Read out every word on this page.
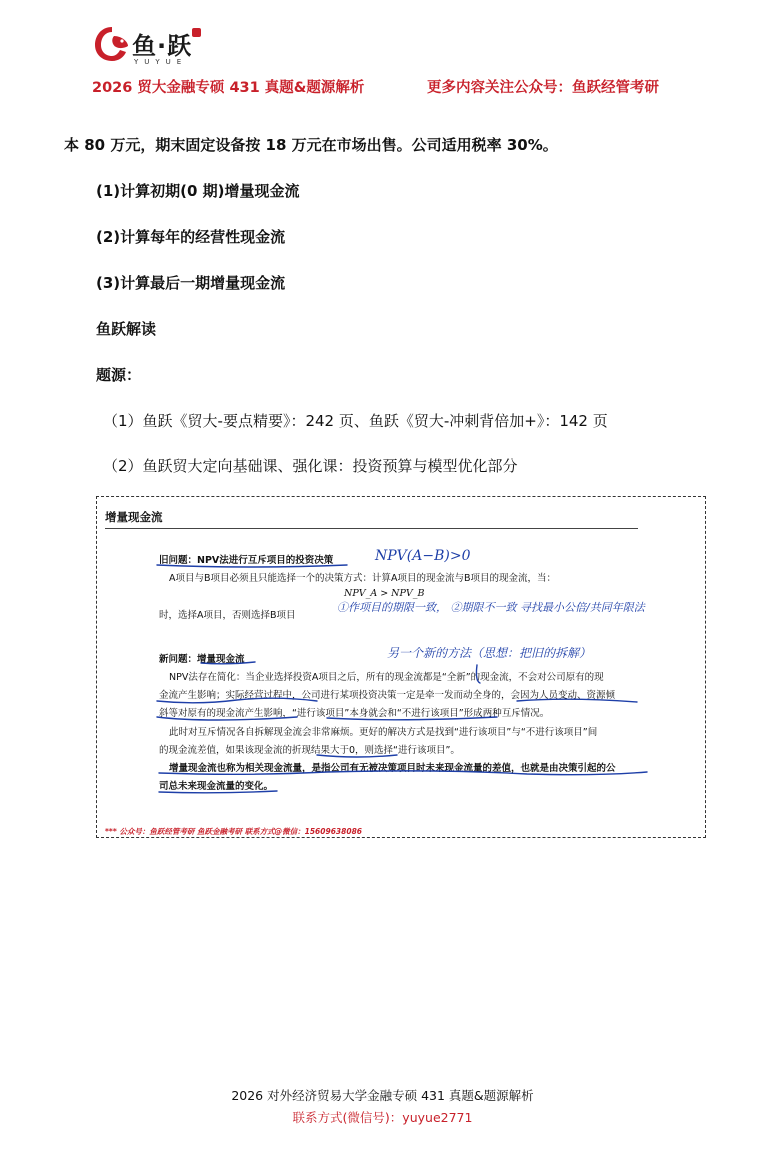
鱼·跃
YUYUE
2026 贸大金融专硕 431 真题&题源解析	更多内容关注公众号：鱼跃经管考研
本 80 万元，期末固定设备按 18 万元在市场出售。公司适用税率 30%。
(1)计算初期(0 期)增量现金流
(2)计算每年的经营性现金流
(3)计算最后一期增量现金流
鱼跃解读
题源：
（1）鱼跃《贸大-要点精要》：242 页、鱼跃《贸大-冲刺背倍加+》：142 页
（2）鱼跃贸大定向基础课、强化课：投资预算与模型优化部分
增量现金流
旧问题：NPV法进行互斥项目的投资决策
A项目与B项目必须且只能选择一个的决策方式：计算A项目的现金流与B项目的现金流，当：
NPV_A > NPV_B
时，选择A项目，否则选择B项目
新问题：增量现金流
NPV法存在简化：当企业选择投资A项目之后，所有的现金流都是“全新”的现金流，不会对公司原有的现
金流产生影响；实际经营过程中，公司进行某项投资决策一定是牵一发而动全身的，会因为人员变动、资源倾
斜等对原有的现金流产生影响，“进行该项目”本身就会和“不进行该项目”形成两种互斥情况。
此时对互斥情况各自拆解现金流会非常麻烦。更好的解决方式是找到“进行该项目”与“不进行该项目”间
的现金流差值，如果该现金流的折现结果大于0，则选择“进行该项目”。
增量现金流也称为相关现金流量，是指公司有无被决策项目时未来现金流量的差值，也就是由决策引起的公
司总未来现金流量的变化。
*** 公众号：鱼跃经管考研 鱼跃金融考研 联系方式@微信：15609638086
NPV(A−B)>0
①作项目的期限一致， ②期限不一致 寻找最小公倍/共同年限法
另一个新的方法（思想：把旧的拆解）
2026 对外经济贸易大学金融专硕 431 真题&题源解析
联系方式(微信号)：yuyue2771
